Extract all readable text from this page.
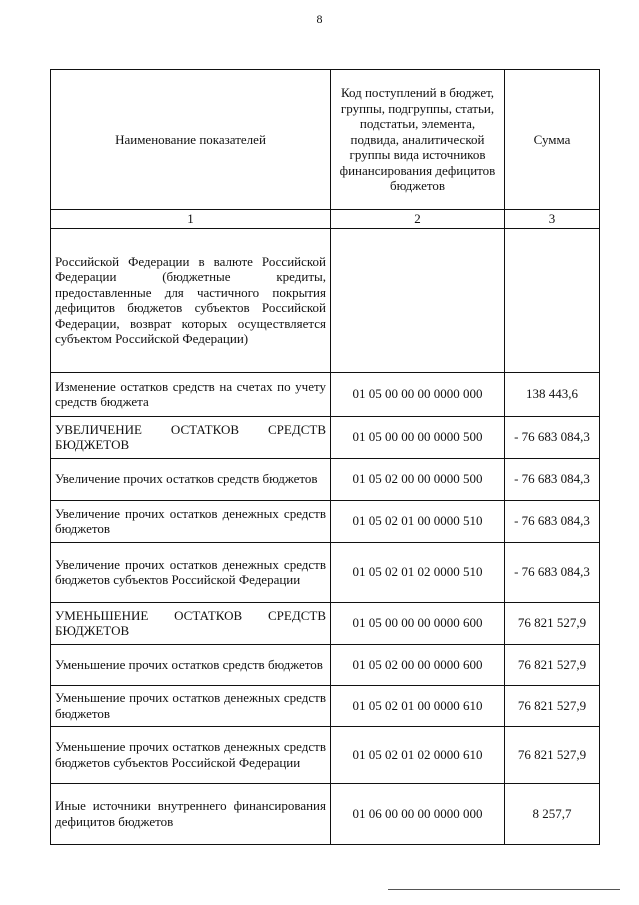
8
Наименование показателей	Код поступлений в бюджет, группы, подгруппы, статьи, подстатьи, элемента, подвида, аналитической группы вида источников финансирования дефицитов бюджетов	Сумма
1	2	3
Российской Федерации в валюте Российской Федерации (бюджетные кредиты, предоставленные для частичного покрытия дефицитов бюджетов субъектов Российской Федерации, возврат которых осуществляется субъектом Российской Федерации)		
Изменение остатков средств на счетах по учету средств бюджета	01 05 00 00 00 0000 000	138 443,6
УВЕЛИЧЕНИЕ ОСТАТКОВ СРЕДСТВ БЮДЖЕТОВ	01 05 00 00 00 0000 500	- 76 683 084,3
Увеличение прочих остатков средств бюджетов	01 05 02 00 00 0000 500	- 76 683 084,3
Увеличение прочих остатков денежных средств бюджетов	01 05 02 01 00 0000 510	- 76 683 084,3
Увеличение прочих остатков денежных средств бюджетов субъектов Российской Федерации	01 05 02 01 02 0000 510	- 76 683 084,3
УМЕНЬШЕНИЕ ОСТАТКОВ СРЕДСТВ БЮДЖЕТОВ	01 05 00 00 00 0000 600	76 821 527,9
Уменьшение прочих остатков средств бюджетов	01 05 02 00 00 0000 600	76 821 527,9
Уменьшение прочих остатков денежных средств бюджетов	01 05 02 01 00 0000 610	76 821 527,9
Уменьшение прочих остатков денежных средств бюджетов субъектов Российской Федерации	01 05 02 01 02 0000 610	76 821 527,9
Иные источники внутреннего финансирования дефицитов бюджетов	01 06 00 00 00 0000 000	8 257,7
